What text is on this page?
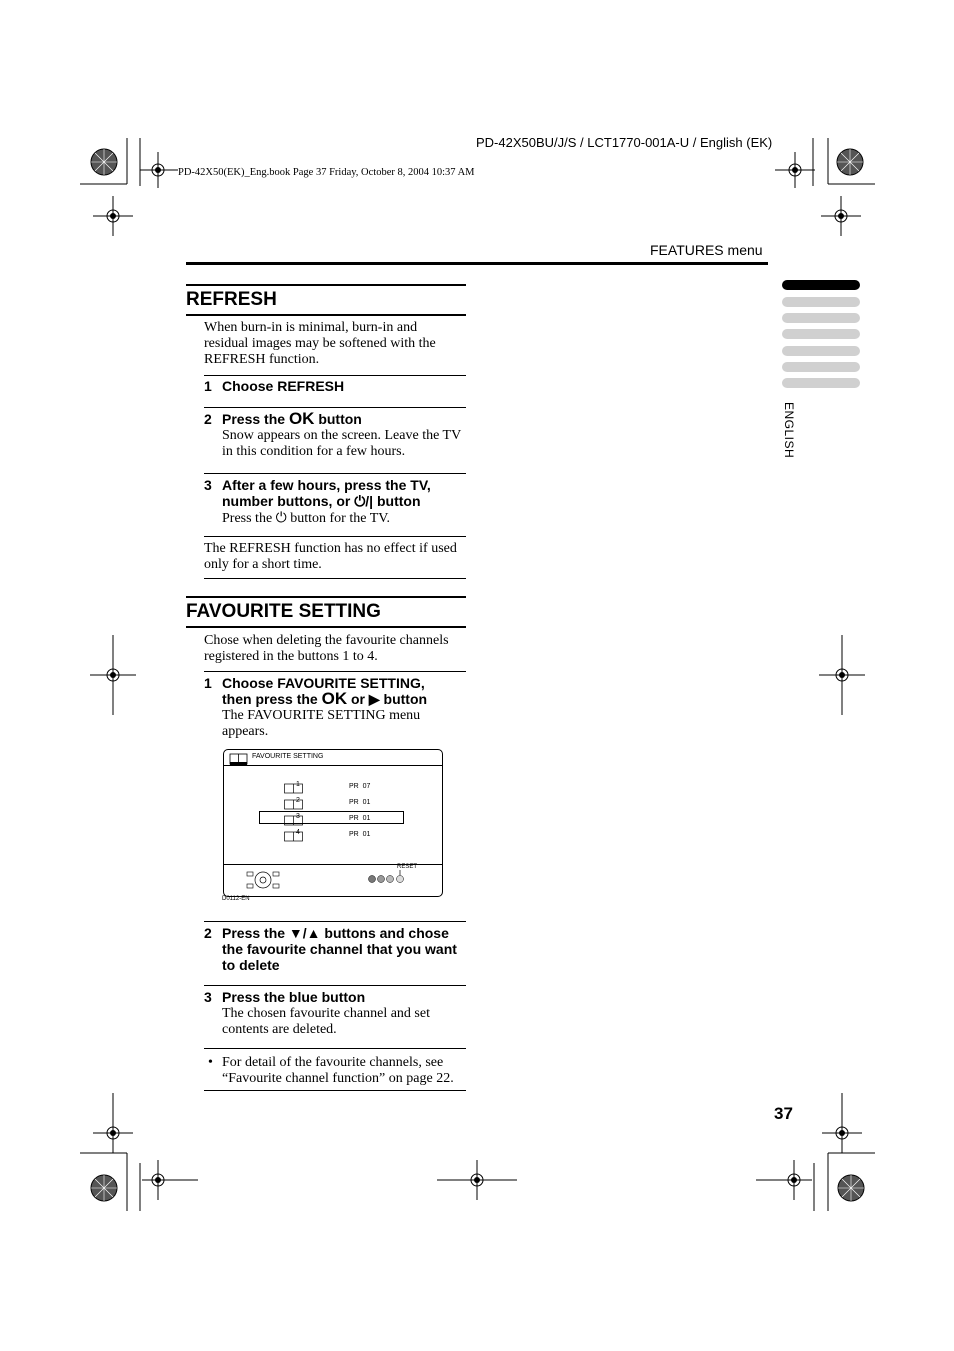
PD-42X50BU/J/S / LCT1770-001A-U / English (EK)
PD-42X50(EK)_Eng.book Page 37 Friday, October 8, 2004 10:37 AM
FEATURES menu
ENGLISH
REFRESH
When burn-in is minimal, burn-in and residual images may be softened with the REFRESH function.
1 Choose REFRESH
2 Press the OK button
Snow appears on the screen. Leave the TV in this condition for a few hours.
3 After a few hours, press the TV,
number buttons, or ⏻/| button
Press the ⏻ button for the TV.
The REFRESH function has no effect if used only for a short time.
FAVOURITE SETTING
Chose when deleting the favourite channels registered in the buttons 1 to 4.
1 Choose FAVOURITE SETTING,
then press the OK or ▶ button
The FAVOURITE SETTING menu appears.
FAVOURITE SETTING
1	PR  07
2	PR  01
3	PR  01
4	PR  01
RESET
D0112-EN
2 Press the ▼/▲ buttons and chose
the favourite channel that you want
to delete
3 Press the blue button
The chosen favourite channel and set contents are deleted.
• For detail of the favourite channels, see “Favourite channel function” on page 22.
37
